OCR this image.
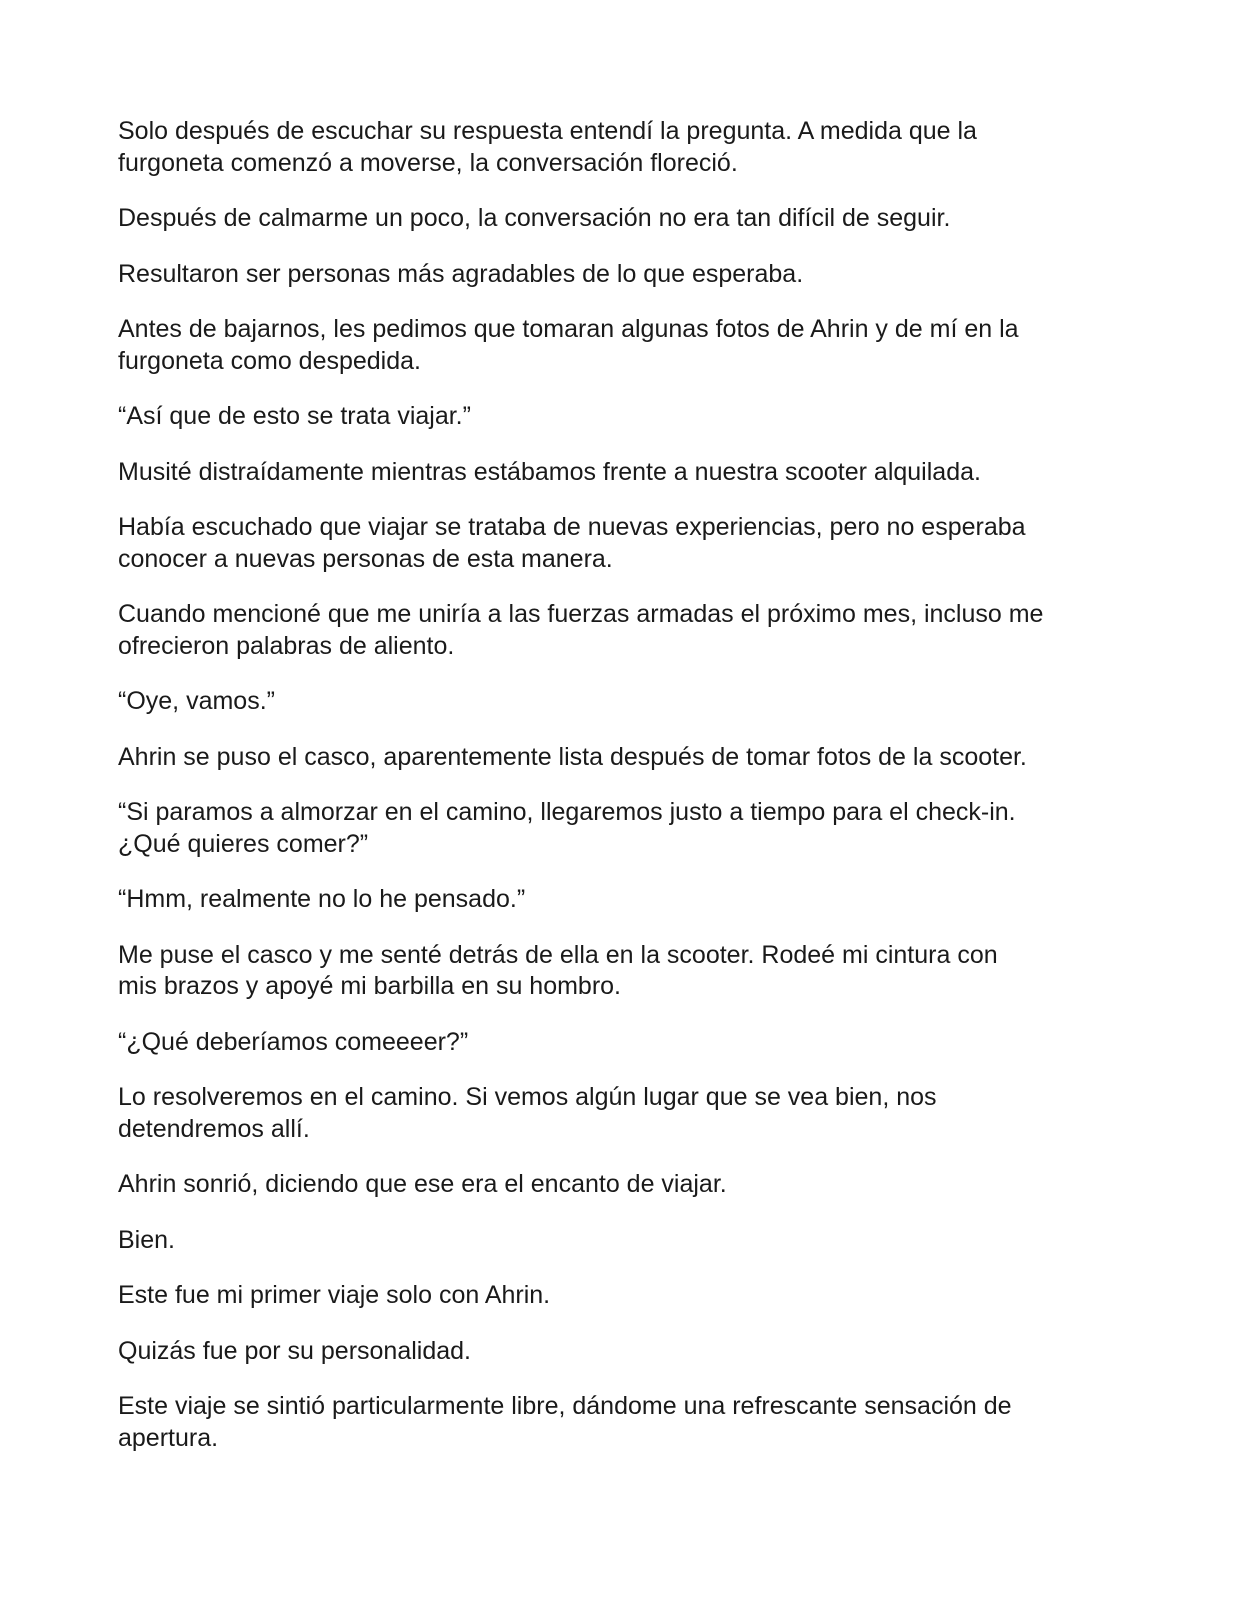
Solo después de escuchar su respuesta entendí la pregunta. A medida que la
furgoneta comenzó a moverse, la conversación floreció.

Después de calmarme un poco, la conversación no era tan difícil de seguir.

Resultaron ser personas más agradables de lo que esperaba.

Antes de bajarnos, les pedimos que tomaran algunas fotos de Ahrin y de mí en la
furgoneta como despedida.

“Así que de esto se trata viajar.”

Musité distraídamente mientras estábamos frente a nuestra scooter alquilada.

Había escuchado que viajar se trataba de nuevas experiencias, pero no esperaba
conocer a nuevas personas de esta manera.

Cuando mencioné que me uniría a las fuerzas armadas el próximo mes, incluso me
ofrecieron palabras de aliento.

“Oye, vamos.”

Ahrin se puso el casco, aparentemente lista después de tomar fotos de la scooter.

“Si paramos a almorzar en el camino, llegaremos justo a tiempo para el check-in.
¿Qué quieres comer?”

“Hmm, realmente no lo he pensado.”

Me puse el casco y me senté detrás de ella en la scooter. Rodeé mi cintura con
mis brazos y apoyé mi barbilla en su hombro.

“¿Qué deberíamos comeeeer?”

Lo resolveremos en el camino. Si vemos algún lugar que se vea bien, nos
detendremos allí.

Ahrin sonrió, diciendo que ese era el encanto de viajar.

Bien.

Este fue mi primer viaje solo con Ahrin.

Quizás fue por su personalidad.

Este viaje se sintió particularmente libre, dándome una refrescante sensación de
apertura.
